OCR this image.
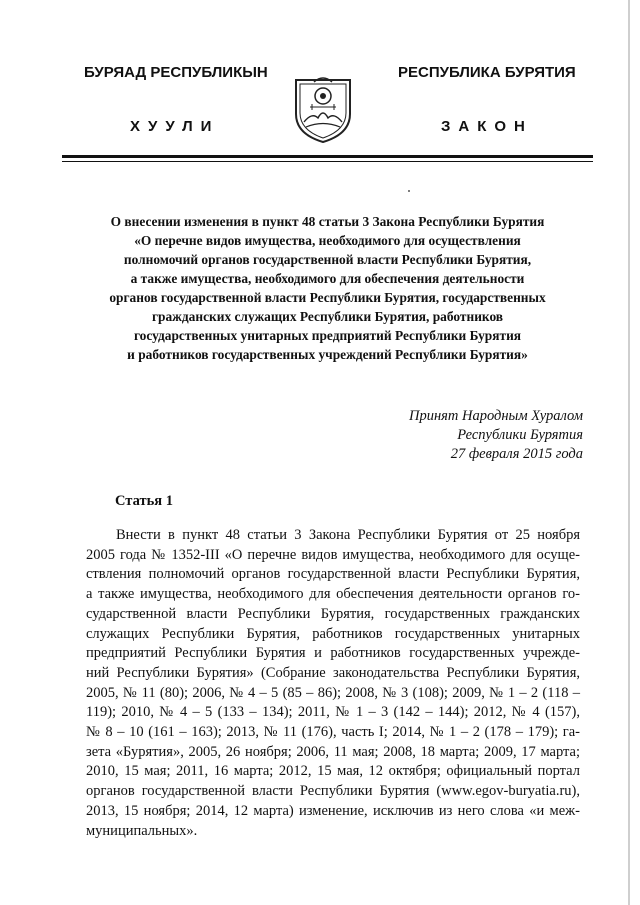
БУРЯАД РЕСПУБЛИКЫН
ХУУЛИ
РЕСПУБЛИКА БУРЯТИЯ
ЗАКОН
О внесении изменения в пункт 48 статьи 3 Закона Республики Бурятия
«О перечне видов имущества, необходимого для осуществления
полномочий органов государственной власти Республики Бурятия,
а также имущества, необходимого для обеспечения деятельности
органов государственной власти Республики Бурятия, государственных
гражданских служащих Республики Бурятия, работников
государственных унитарных предприятий Республики Бурятия
и работников государственных учреждений Республики Бурятия»
Принят Народным Хуралом
Республики Бурятия
27 февраля 2015 года
Статья 1
Внести в пункт 48 статьи 3 Закона Республики Бурятия от 25 ноября
2005 года № 1352-III «О перечне видов имущества, необходимого для осуще-
ствления полномочий органов государственной власти Республики Бурятия,
а также имущества, необходимого для обеспечения деятельности органов го-
сударственной власти Республики Бурятия, государственных гражданских
служащих Республики Бурятия, работников государственных унитарных
предприятий Республики Бурятия и работников государственных учрежде-
ний Республики Бурятия» (Собрание законодательства Республики Бурятия,
2005, № 11 (80); 2006, № 4 – 5 (85 – 86); 2008, № 3 (108); 2009, № 1 – 2 (118 –
119); 2010, № 4 – 5 (133 – 134); 2011, № 1 – 3 (142 – 144); 2012, № 4 (157),
№ 8 – 10 (161 – 163); 2013, № 11 (176), часть I; 2014, № 1 – 2 (178 – 179); га-
зета «Бурятия», 2005, 26 ноября; 2006, 11 мая; 2008, 18 марта; 2009, 17 марта;
2010, 15 мая; 2011, 16 марта; 2012, 15 мая, 12 октября; официальный портал
органов государственной власти Республики Бурятия (www.egov-buryatia.ru),
2013, 15 ноября; 2014, 12 марта) изменение, исключив из него слова «и меж-
муниципальных».
